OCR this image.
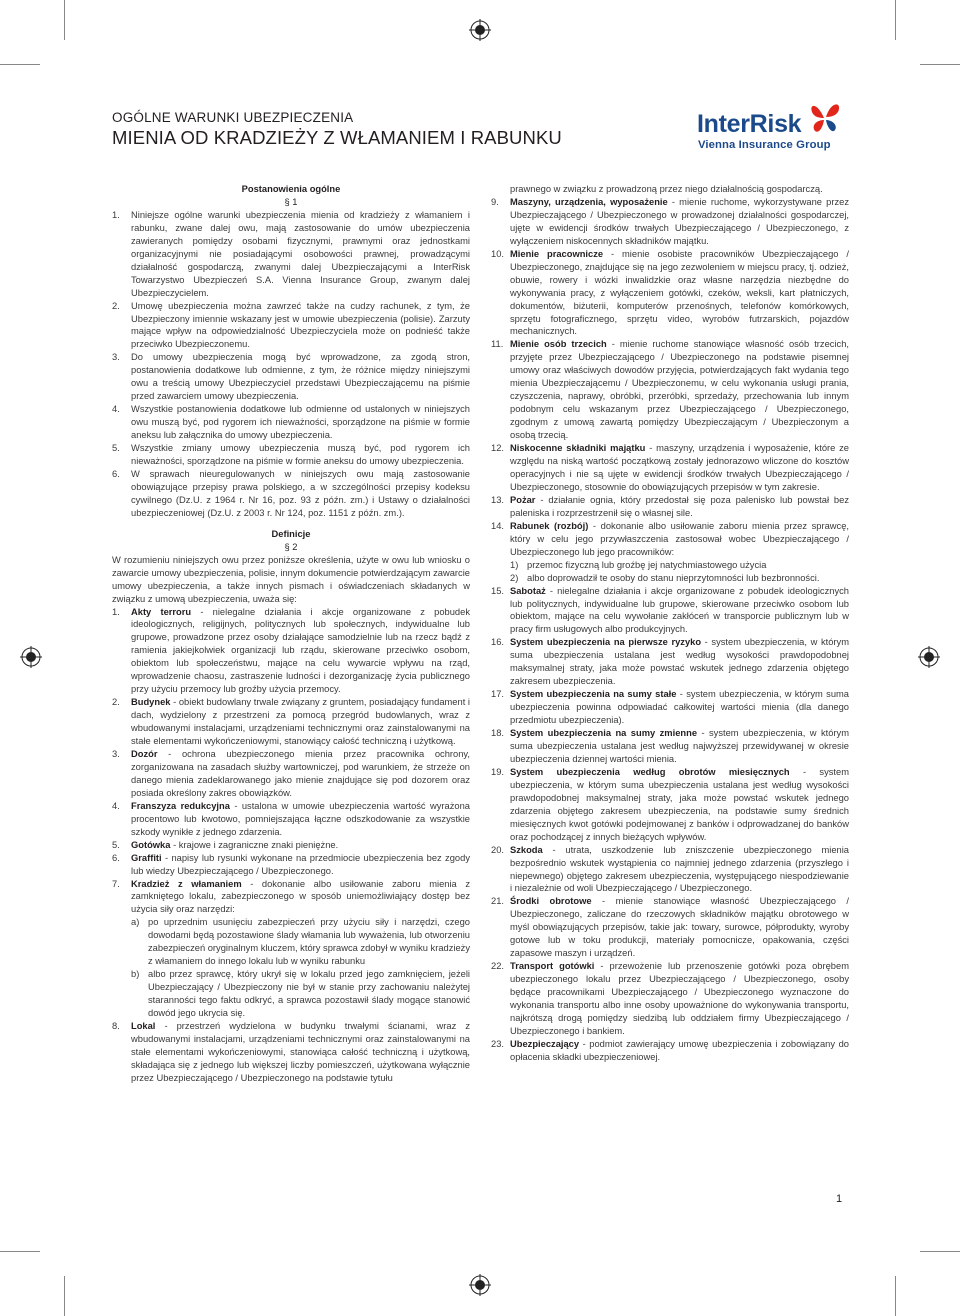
OGÓLNE WARUNKI UBEZPIECZENIA
MIENIA OD KRADZIEŻY Z WŁAMANIEM I RABUNKU	InterRisk
Vienna Insurance Group
Postanowienia ogólne
§ 1
1. Niniejsze ogólne warunki ubezpieczenia mienia od kradzieży z włamaniem i rabunku, zwane dalej owu, mają zastosowanie do umów ubezpieczenia zawieranych pomiędzy osobami fizycznymi, prawnymi oraz jednostkami organizacyjnymi nie posiadającymi osobowości prawnej, prowadzącymi działalność gospodarczą, zwanymi dalej Ubezpieczającymi a InterRisk Towarzystwo Ubezpieczeń S.A. Vienna Insurance Group, zwanym dalej Ubezpieczycielem.
2. Umowę ubezpieczenia można zawrzeć także na cudzy rachunek, z tym, że Ubezpieczony imiennie wskazany jest w umowie ubezpieczenia (polisie). Zarzuty mające wpływ na odpowiedzialność Ubezpieczyciela może on podnieść także przeciwko Ubezpieczonemu.
3. Do umowy ubezpieczenia mogą być wprowadzone, za zgodą stron, postanowienia dodatkowe lub odmienne, z tym, że różnice między niniejszymi owu a treścią umowy Ubezpieczyciel przedstawi Ubezpieczającemu na piśmie przed zawarciem umowy ubezpieczenia.
4. Wszystkie postanowienia dodatkowe lub odmienne od ustalonych w niniejszych owu muszą być, pod rygorem ich nieważności, sporządzone na piśmie w formie aneksu lub załącznika do umowy ubezpieczenia.
5. Wszystkie zmiany umowy ubezpieczenia muszą być, pod rygorem ich nieważności, sporządzone na piśmie w formie aneksu do umowy ubezpieczenia.
6. W sprawach nieuregulowanych w niniejszych owu mają zastosowanie obowiązujące przepisy prawa polskiego, a w szczególności przepisy kodeksu cywilnego (Dz.U. z 1964 r. Nr 16, poz. 93 z późn. zm.) i Ustawy o działalności ubezpieczeniowej (Dz.U. z 2003 r. Nr 124, poz. 1151 z późn. zm.).
Definicje
§ 2
W rozumieniu niniejszych owu przez poniższe określenia, użyte w owu lub wniosku o zawarcie umowy ubezpieczenia, polisie, innym dokumencie potwierdzającym zawarcie umowy ubezpieczenia, a także innych pismach i oświadczeniach składanych w związku z umową ubezpieczenia, uważa się:
1. Akty terroru - nielegalne działania i akcje organizowane z pobudek ideologicznych, religijnych, politycznych lub społecznych, indywidualne lub grupowe, prowadzone przez osoby działające samodzielnie lub na rzecz bądź z ramienia jakiejkolwiek organizacji lub rządu, skierowane przeciwko osobom, obiektom lub społeczeństwu, mające na celu wywarcie wpływu na rząd, wprowadzenie chaosu, zastraszenie ludności i dezorganizację życia publicznego przy użyciu przemocy lub groźby użycia przemocy.
2. Budynek - obiekt budowlany trwale związany z gruntem, posiadający fundament i dach, wydzielony z przestrzeni za pomocą przegród budowlanych, wraz z wbudowanymi instalacjami, urządzeniami technicznymi oraz zainstalowanymi na stałe elementami wykończeniowymi, stanowiący całość techniczną i użytkową.
3. Dozór - ochrona ubezpieczonego mienia przez pracownika ochrony, zorganizowana na zasadach służby wartowniczej, pod warunkiem, że strzeże on danego mienia zadeklarowanego jako mienie znajdujące się pod dozorem oraz posiada określony zakres obowiązków.
4. Franszyza redukcyjna - ustalona w umowie ubezpieczenia wartość wyrażona procentowo lub kwotowo, pomniejszająca łączne odszkodowanie za wszystkie szkody wynikłe z jednego zdarzenia.
5. Gotówka - krajowe i zagraniczne znaki pieniężne.
6. Graffiti - napisy lub rysunki wykonane na przedmiocie ubezpieczenia bez zgody lub wiedzy Ubezpieczającego / Ubezpieczonego.
7. Kradzież z włamaniem - dokonanie albo usiłowanie zaboru mienia z zamkniętego lokalu, zabezpieczonego w sposób uniemożliwiający dostęp bez użycia siły oraz narzędzi:
a) po uprzednim usunięciu zabezpieczeń przy użyciu siły i narzędzi, czego dowodami będą pozostawione ślady włamania lub wyważenia, lub otworzeniu zabezpieczeń oryginalnym kluczem, który sprawca zdobył w wyniku kradzieży z włamaniem do innego lokalu lub w wyniku rabunku
b) albo przez sprawcę, który ukrył się w lokalu przed jego zamknięciem, jeżeli Ubezpieczający / Ubezpieczony nie był w stanie przy zachowaniu należytej staranności tego faktu odkryć, a sprawca pozostawił ślady mogące stanowić dowód jego ukrycia się.
8. Lokal - przestrzeń wydzielona w budynku trwałymi ścianami, wraz z wbudowanymi instalacjami, urządzeniami technicznymi oraz zainstalowanymi na stałe elementami wykończeniowymi, stanowiąca całość techniczną i użytkową, składająca się z jednego lub większej liczby pomieszczeń, użytkowana wyłącznie przez Ubezpieczającego / Ubezpieczonego na podstawie tytułu
prawnego w związku z prowadzoną przez niego działalnością gospodarczą.
9. Maszyny, urządzenia, wyposażenie - mienie ruchome, wykorzystywane przez Ubezpieczającego / Ubezpieczonego w prowadzonej działalności gospodarczej, ujęte w ewidencji środków trwałych Ubezpieczającego / Ubezpieczonego, z wyłączeniem niskocennych składników majątku.
10. Mienie pracownicze - mienie osobiste pracowników Ubezpieczającego / Ubezpieczonego, znajdujące się na jego zezwoleniem w miejscu pracy, tj. odzież, obuwie, rowery i wózki inwalidzkie oraz własne narzędzia niezbędne do wykonywania pracy, z wyłączeniem gotówki, czeków, weksli, kart płatniczych, dokumentów, biżuterii, komputerów przenośnych, telefonów komórkowych, sprzętu fotograficznego, sprzętu video, wyrobów futrzarskich, pojazdów mechanicznych.
11. Mienie osób trzecich - mienie ruchome stanowiące własność osób trzecich, przyjęte przez Ubezpieczającego / Ubezpieczonego na podstawie pisemnej umowy oraz właściwych dowodów przyjęcia, potwierdzających fakt wydania tego mienia Ubezpieczającemu / Ubezpieczonemu, w celu wykonania usługi prania, czyszczenia, naprawy, obróbki, przeróbki, sprzedaży, przechowania lub innym podobnym celu wskazanym przez Ubezpieczającego / Ubezpieczonego, zgodnym z umową zawartą pomiędzy Ubezpieczającym / Ubezpieczonym a osobą trzecią.
12. Niskocenne składniki majątku - maszyny, urządzenia i wyposażenie, które ze względu na niską wartość początkową zostały jednorazowo wliczone do kosztów operacyjnych i nie są ujęte w ewidencji środków trwałych Ubezpieczającego / Ubezpieczonego, stosownie do obowiązujących przepisów w tym zakresie.
13. Pożar - działanie ognia, który przedostał się poza palenisko lub powstał bez paleniska i rozprzestrzenił się o własnej sile.
14. Rabunek (rozbój) - dokonanie albo usiłowanie zaboru mienia przez sprawcę, który w celu jego przywłaszczenia zastosował wobec Ubezpieczającego / Ubezpieczonego lub jego pracowników:
1) przemoc fizyczną lub groźbę jej natychmiastowego użycia
2) albo doprowadził te osoby do stanu nieprzytomności lub bezbronności.
15. Sabotaż - nielegalne działania i akcje organizowane z pobudek ideologicznych lub politycznych, indywidualne lub grupowe, skierowane przeciwko osobom lub obiektom, mające na celu wywołanie zakłóceń w transporcie publicznym lub w pracy firm usługowych albo produkcyjnych.
16. System ubezpieczenia na pierwsze ryzyko - system ubezpieczenia, w którym suma ubezpieczenia ustalana jest według wysokości prawdopodobnej maksymalnej straty, jaka może powstać wskutek jednego zdarzenia objętego zakresem ubezpieczenia.
17. System ubezpieczenia na sumy stałe - system ubezpieczenia, w którym suma ubezpieczenia powinna odpowiadać całkowitej wartości mienia (dla danego przedmiotu ubezpieczenia).
18. System ubezpieczenia na sumy zmienne - system ubezpieczenia, w którym suma ubezpieczenia ustalana jest według najwyższej przewidywanej w okresie ubezpieczenia dziennej wartości mienia.
19. System ubezpieczenia według obrotów miesięcznych - system ubezpieczenia, w którym suma ubezpieczenia ustalana jest według wysokości prawdopodobnej maksymalnej straty, jaka może powstać wskutek jednego zdarzenia objętego zakresem ubezpieczenia, na podstawie sumy średnich miesięcznych kwot gotówki podejmowanej z banków i odprowadzanej do banków oraz pochodzącej z innych bieżących wpływów.
20. Szkoda - utrata, uszkodzenie lub zniszczenie ubezpieczonego mienia bezpośrednio wskutek wystąpienia co najmniej jednego zdarzenia (przyszłego i niepewnego) objętego zakresem ubezpieczenia, występującego niespodziewanie i niezależnie od woli Ubezpieczającego / Ubezpieczonego.
21. Środki obrotowe - mienie stanowiące własność Ubezpieczającego / Ubezpieczonego, zaliczane do rzeczowych składników majątku obrotowego w myśl obowiązujących przepisów, takie jak: towary, surowce, półprodukty, wyroby gotowe lub w toku produkcji, materiały pomocnicze, opakowania, części zapasowe maszyn i urządzeń.
22. Transport gotówki - przewożenie lub przenoszenie gotówki poza obrębem ubezpieczonego lokalu przez Ubezpieczającego / Ubezpieczonego, osoby będące pracownikami Ubezpieczającego / Ubezpieczonego wyznaczone do wykonania transportu albo inne osoby upoważnione do wykonywania transportu, najkrótszą drogą pomiędzy siedzibą lub oddziałem firmy Ubezpieczającego / Ubezpieczonego i bankiem.
23. Ubezpieczający - podmiot zawierający umowę ubezpieczenia i zobowiązany do opłacenia składki ubezpieczeniowej.
1
